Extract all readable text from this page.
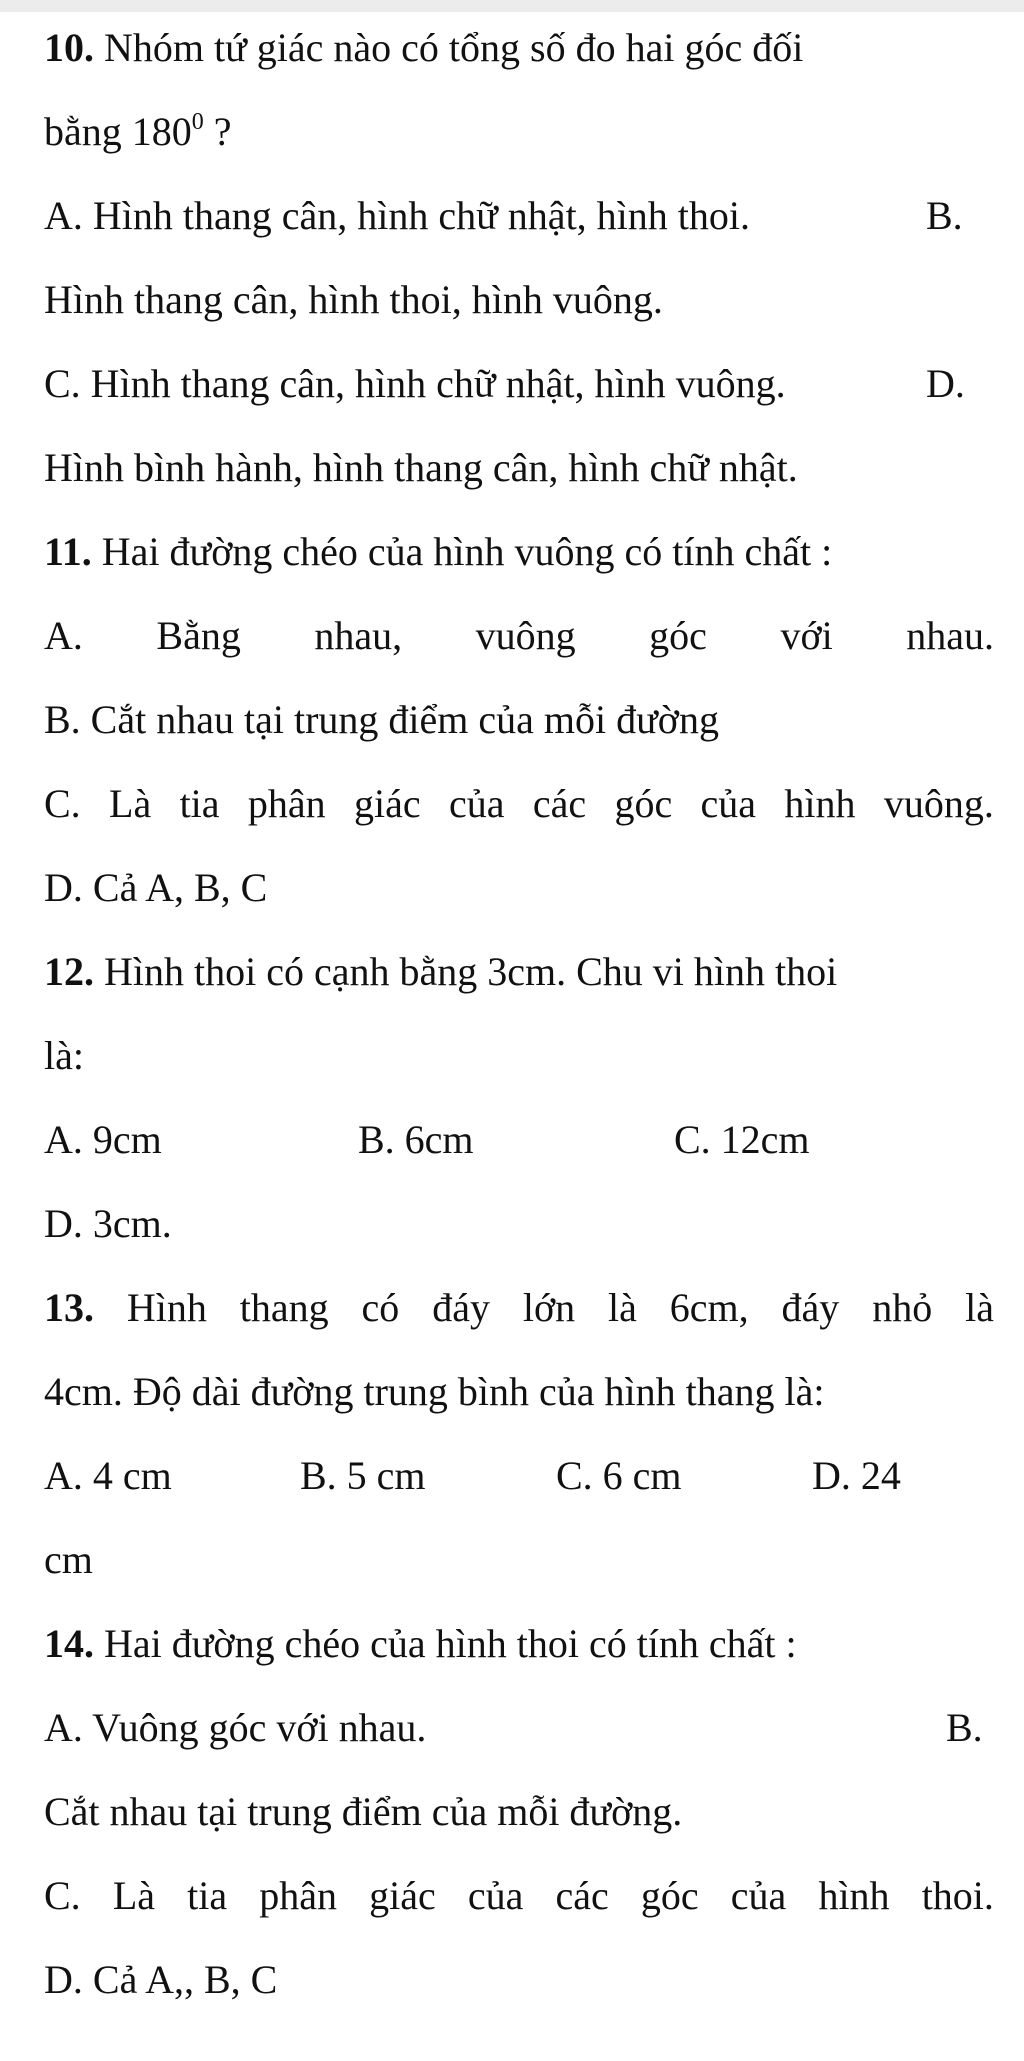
10. Nhóm tứ giác nào có tổng số đo hai góc đối
bằng $180^0$ ?
A. Hình thang cân, hình chữ nhật, hình thoi.	B.
Hình thang cân, hình thoi, hình vuông.
C. Hình thang cân, hình chữ nhật, hình vuông.	D.
Hình bình hành, hình thang cân, hình chữ nhật.
11. Hai đường chéo của hình vuông có tính chất :
A. Bằng nhau, vuông góc với nhau.
B. Cắt nhau tại trung điểm của mỗi đường
C. Là tia phân giác của các góc của hình vuông.
D. Cả A, B, C
12. Hình thoi có cạnh bằng 3cm. Chu vi hình thoi
là:
A. 9cm	B. 6cm	C. 12cm
D. 3cm.
13. Hình thang có đáy lớn là 6cm, đáy nhỏ là
4cm. Độ dài đường trung bình của hình thang là:
A. 4 cm	B. 5 cm	C. 6 cm	D. 24
cm
14. Hai đường chéo của hình thoi có tính chất :
A. Vuông góc với nhau.	B.
Cắt nhau tại trung điểm của mỗi đường.
C. Là tia phân giác của các góc của hình thoi.
D. Cả A,, B, C
